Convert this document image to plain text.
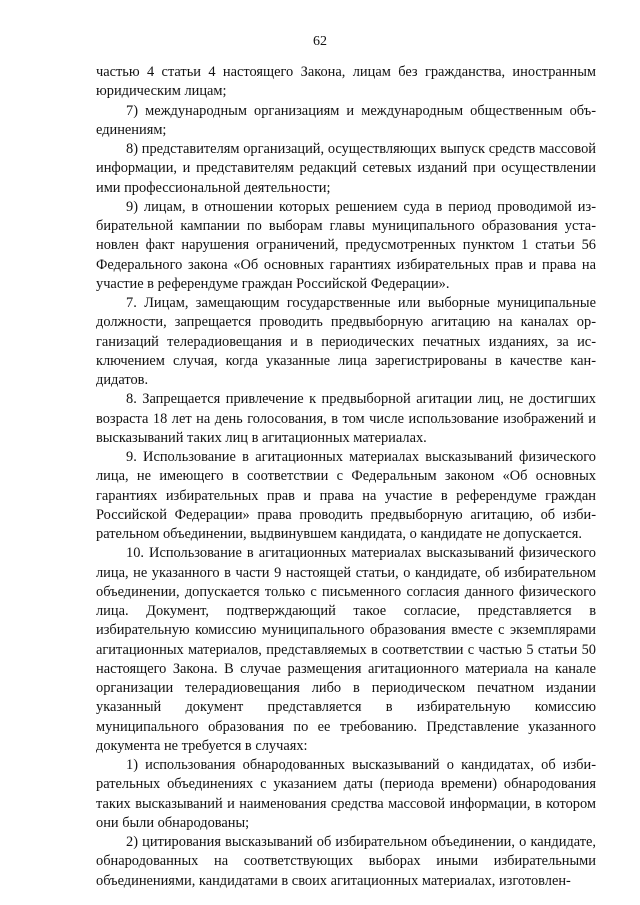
62

частью 4 статьи 4 настоящего Закона, лицам без гражданства, иностранным юридическим лицам;

7) международным организациям и международным общественным объединениям;

8) представителям организаций, осуществляющих выпуск средств массовой информации, и представителям редакций сетевых изданий при осуществлении ими профессиональной деятельности;

9) лицам, в отношении которых решением суда в период проводимой избирательной кампании по выборам главы муниципального образования установлен факт нарушения ограничений, предусмотренных пунктом 1 статьи 56 Федерального закона «Об основных гарантиях избирательных прав и права на участие в референдуме граждан Российской Федерации».

7. Лицам, замещающим государственные или выборные муниципальные должности, запрещается проводить предвыборную агитацию на каналах организаций телерадиовещания и в периодических печатных изданиях, за исключением случая, когда указанные лица зарегистрированы в качестве кандидатов.

8. Запрещается привлечение к предвыборной агитации лиц, не достигших возраста 18 лет на день голосования, в том числе использование изображений и высказываний таких лиц в агитационных материалах.

9. Использование в агитационных материалах высказываний физического лица, не имеющего в соответствии с Федеральным законом «Об основных гарантиях избирательных прав и права на участие в референдуме граждан Российской Федерации» права проводить предвыборную агитацию, об избирательном объединении, выдвинувшем кандидата, о кандидате не допускается.

10. Использование в агитационных материалах высказываний физического лица, не указанного в части 9 настоящей статьи, о кандидате, об избирательном объединении, допускается только с письменного согласия данного физического лица. Документ, подтверждающий такое согласие, представляется в избирательную комиссию муниципального образования вместе с экземплярами агитационных материалов, представляемых в соответствии с частью 5 статьи 50 настоящего Закона. В случае размещения агитационного материала на канале организации телерадиовещания либо в периодическом печатном издании указанный документ представляется в избирательную комиссию муниципального образования по ее требованию. Представление указанного документа не требуется в случаях:

1) использования обнародованных высказываний о кандидатах, об избирательных объединениях с указанием даты (периода времени) обнародования таких высказываний и наименования средства массовой информации, в котором они были обнародованы;

2) цитирования высказываний об избирательном объединении, о кандидате, обнародованных на соответствующих выборах иными избирательными объединениями, кандидатами в своих агитационных материалах, изготовлен-
